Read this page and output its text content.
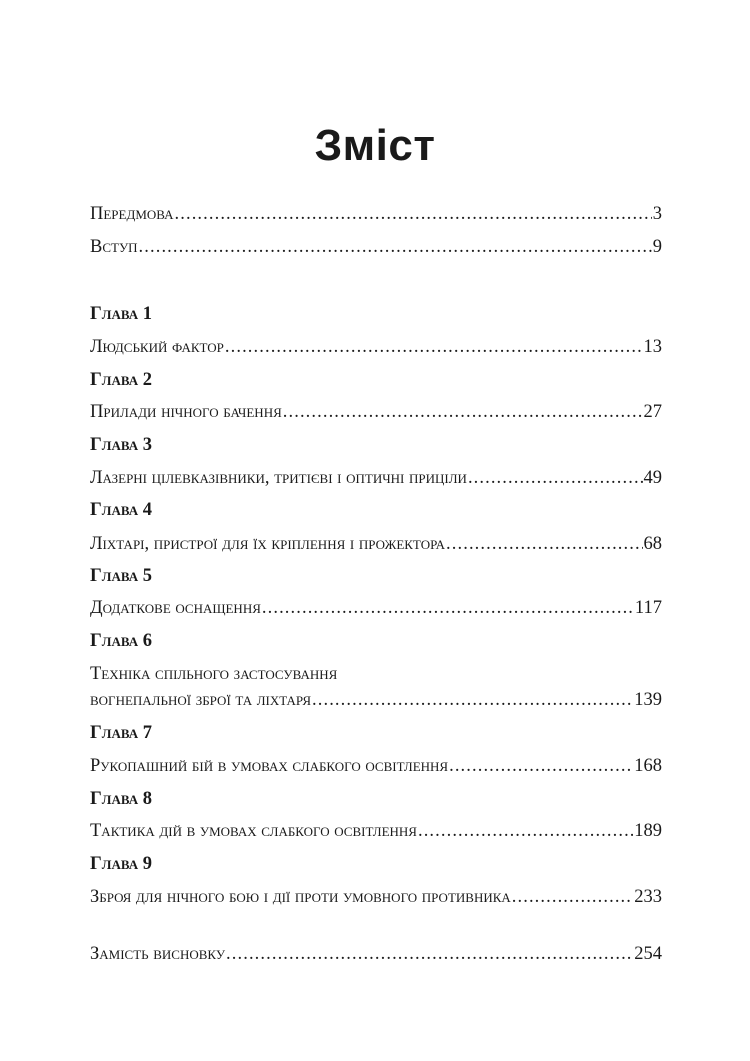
Зміст
Передмова .....	3
Вступ .....	9
Глава 1
Людський фактор .....	13
Глава 2
Прилади нічного бачення .....	27
Глава 3
Лазерні цілевказівники, тритієві і оптичні приціли .....	49
Глава 4
Ліхтарі, пристрої для їх кріплення і прожектора .....	68
Глава 5
Додаткове оснащення .....	117
Глава 6
Техніка спільного застосування
вогнепальної зброї та ліхтаря .....	139
Глава 7
Рукопашний бій в умовах слабкого освітлення .....	168
Глава 8
Тактика дій в умовах слабкого освітлення .....	189
Глава 9
Зброя для нічного бою і дії проти умовного противника .....	233
Замість висновку .....	254
